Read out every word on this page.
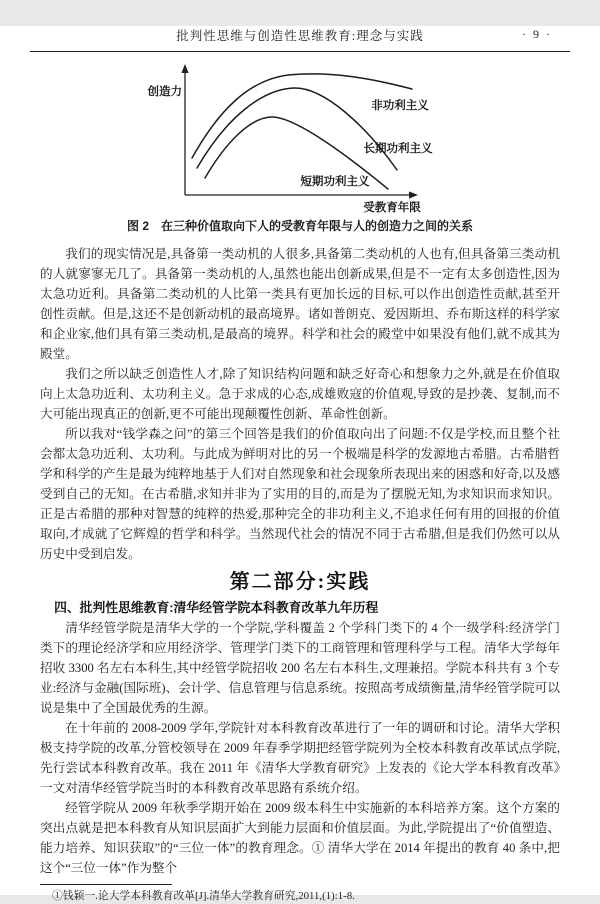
批判性思维与创造性思维教育:理念与实践	· 9 ·
创造力
受教育年限
非功利主义
长期功利主义
短期功利主义
图 2　在三种价值取向下人的受教育年限与人的创造力之间的关系

我们的现实情况是,具备第一类动机的人很多,具备第二类动机的人也有,但具备第三类动机的人就寥寥无几了。具备第一类动机的人,虽然也能出创新成果,但是不一定有太多创造性,因为太急功近利。具备第二类动机的人比第一类具有更加长远的目标,可以作出创造性贡献,甚至开创性贡献。但是,这还不是创新动机的最高境界。诸如普朗克、爱因斯坦、乔布斯这样的科学家和企业家,他们具有第三类动机,是最高的境界。科学和社会的殿堂中如果没有他们,就不成其为殿堂。

我们之所以缺乏创造性人才,除了知识结构问题和缺乏好奇心和想象力之外,就是在价值取向上太急功近利、太功利主义。急于求成的心态,成雄败寇的价值观,导致的是抄袭、复制,而不大可能出现真正的创新,更不可能出现颠覆性创新、革命性创新。

所以我对“钱学森之问”的第三个回答是我们的价值取向出了问题:不仅是学校,而且整个社会都太急功近利、太功利。与此成为鲜明对比的另一个极端是科学的发源地古希腊。古希腊哲学和科学的产生是最为纯粹地基于人们对自然现象和社会现象所表现出来的困惑和好奇,以及感受到自己的无知。在古希腊,求知并非为了实用的目的,而是为了摆脱无知,为求知识而求知识。正是古希腊的那种对智慧的纯粹的热爱,那种完全的非功利主义,不追求任何有用的回报的价值取向,才成就了它辉煌的哲学和科学。当然现代社会的情况不同于古希腊,但是我们仍然可以从历史中受到启发。

第二部分:实践
四、批判性思维教育:清华经管学院本科教育改革九年历程

清华经管学院是清华大学的一个学院,学科覆盖 2 个学科门类下的 4 个一级学科:经济学门类下的理论经济学和应用经济学、管理学门类下的工商管理和管理科学与工程。清华大学每年招收 3300 名左右本科生,其中经管学院招收 200 名左右本科生,文理兼招。学院本科共有 3 个专业:经济与金融(国际班)、会计学、信息管理与信息系统。按照高考成绩衡量,清华经管学院可以说是集中了全国最优秀的生源。

在十年前的 2008-2009 学年,学院针对本科教育改革进行了一年的调研和讨论。清华大学积极支持学院的改革,分管校领导在 2009 年春季学期把经管学院列为全校本科教育改革试点学院,先行尝试本科教育改革。我在 2011 年《清华大学教育研究》上发表的《论大学本科教育改革》一文对清华经管学院当时的本科教育改革思路有系统介绍。

经管学院从 2009 年秋季学期开始在 2009 级本科生中实施新的本科培养方案。这个方案的突出点就是把本科教育从知识层面扩大到能力层面和价值层面。为此,学院提出了“价值塑造、能力培养、知识获取”的“三位一体”的教育理念。① 清华大学在 2014 年提出的教育 40 条中,把这个“三位一体”作为整个

①钱颖一.论大学本科教育改革[J].清华大学教育研究,2011,(1):1-8.
